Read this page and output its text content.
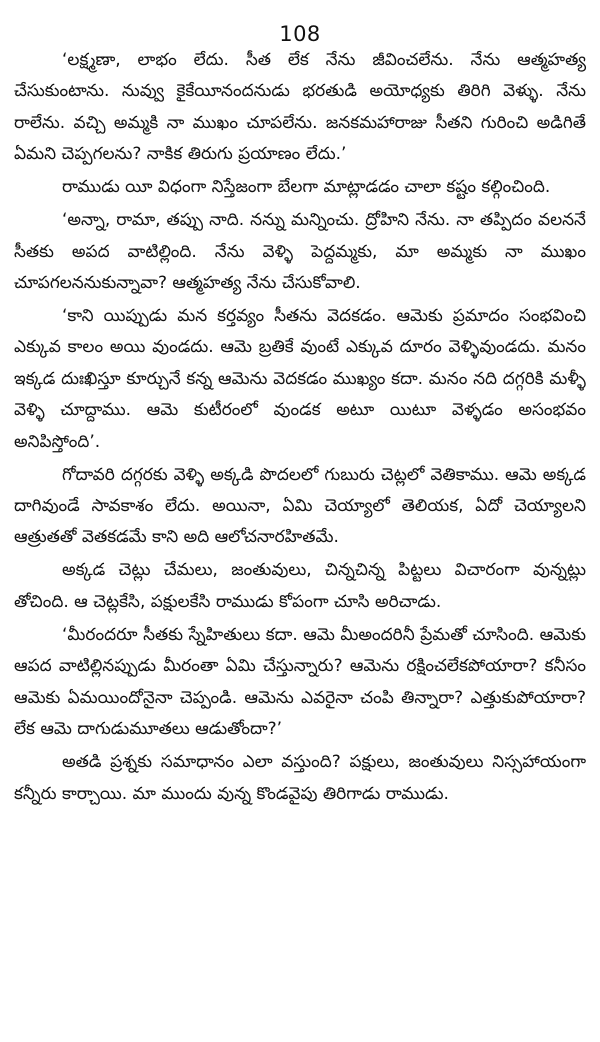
108

‘లక్ష్మణా, లాభం లేదు. సీత లేక నేను జీవించలేను. నేను ఆత్మహత్య చేసుకుంటాను. నువ్వు కైకేయీనందనుడు భరతుడి అయోధ్యకు తిరిగి వెళ్ళు. నేను రాలేను. వచ్చి అమ్మకి నా ముఖం చూపలేను. జనకమహారాజు సీతని గురించి అడిగితే ఏమని చెప్పగలను? నాకిక తిరుగు ప్రయాణం లేదు.’

రాముడు యీ విధంగా నిస్తేజంగా బేలగా మాట్లాడడం చాలా కష్టం కల్గించింది.

‘అన్నా, రామా, తప్పు నాది. నన్ను మన్నించు. ద్రోహిని నేను. నా తప్పిదం వలననే సీతకు అపద వాటిల్లింది. నేను వెళ్ళి పెద్దమ్మకు, మా అమ్మకు నా ముఖం చూపగలననుకున్నావా? ఆత్మహత్య నేను చేసుకోవాలి.

‘కాని యిప్పుడు మన కర్తవ్యం సీతను వెదకడం. ఆమెకు ప్రమాదం సంభవించి ఎక్కువ కాలం అయి వుండదు. ఆమె బ్రతికే వుంటే ఎక్కువ దూరం వెళ్ళివుండదు. మనం ఇక్కడ దుఃఖిస్తూ కూర్చునే కన్న ఆమెను వెదకడం ముఖ్యం కదా. మనం నది దగ్గరికి మళ్ళీ వెళ్ళి చూద్దాము. ఆమె కుటీరంలో వుండక అటూ యిటూ వెళ్ళడం అసంభవం అనిపిస్తోంది’.

గోదావరి దగ్గరకు వెళ్ళి అక్కడి పొదలలో గుబురు చెట్లలో వెతికాము. ఆమె అక్కడ దాగివుండే సావకాశం లేదు. అయినా, ఏమి చెయ్యాలో తెలియక, ఏదో చెయ్యాలని ఆత్రుతతో వెతకడమే కాని అది ఆలోచనారహితమే.

అక్కడ చెట్లు చేమలు, జంతువులు, చిన్నచిన్న పిట్టలు విచారంగా వున్నట్లు తోచింది. ఆ చెట్లకేసి, పక్షులకేసి రాముడు కోపంగా చూసి అరిచాడు.

‘మీరందరూ సీతకు స్నేహితులు కదా. ఆమె మీఅందరినీ ప్రేమతో చూసింది. ఆమెకు ఆపద వాటిల్లినప్పుడు మీరంతా ఏమి చేస్తున్నారు? ఆమెను రక్షించలేకపోయారా? కనీసం ఆమెకు ఏమయిందోనైనా చెప్పండి. ఆమెను ఎవరైనా చంపి తిన్నారా? ఎత్తుకుపోయారా? లేక ఆమె దాగుడుమూతలు ఆడుతోందా?’

అతడి ప్రశ్నకు సమాధానం ఎలా వస్తుంది? పక్షులు, జంతువులు నిస్సహాయంగా కన్నీరు కార్చాయి. మా ముందు వున్న కొండవైపు తిరిగాడు రాముడు.
